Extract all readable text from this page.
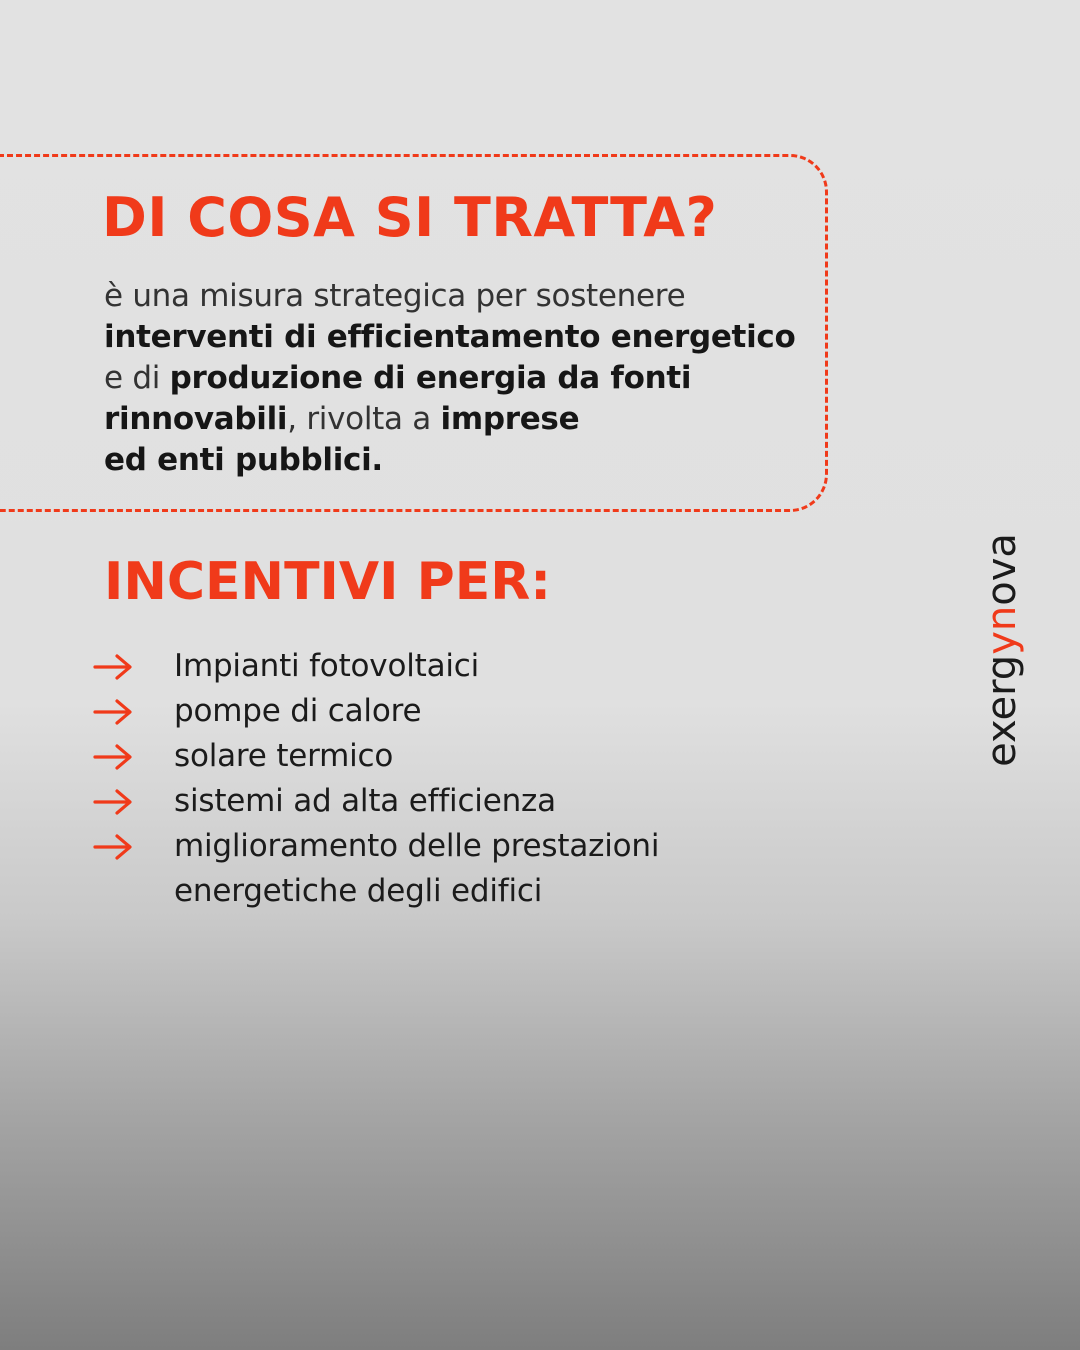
DI COSA SI TRATTA?
è una misura strategica per sostenere
interventi di efficientamento energetico
e di produzione di energia da fonti
rinnovabili, rivolta a imprese
ed enti pubblici.
INCENTIVI PER:
Impianti fotovoltaici
pompe di calore
solare termico
sistemi ad alta efficienza
miglioramento delle prestazioni energetiche degli edifici
exergynova
